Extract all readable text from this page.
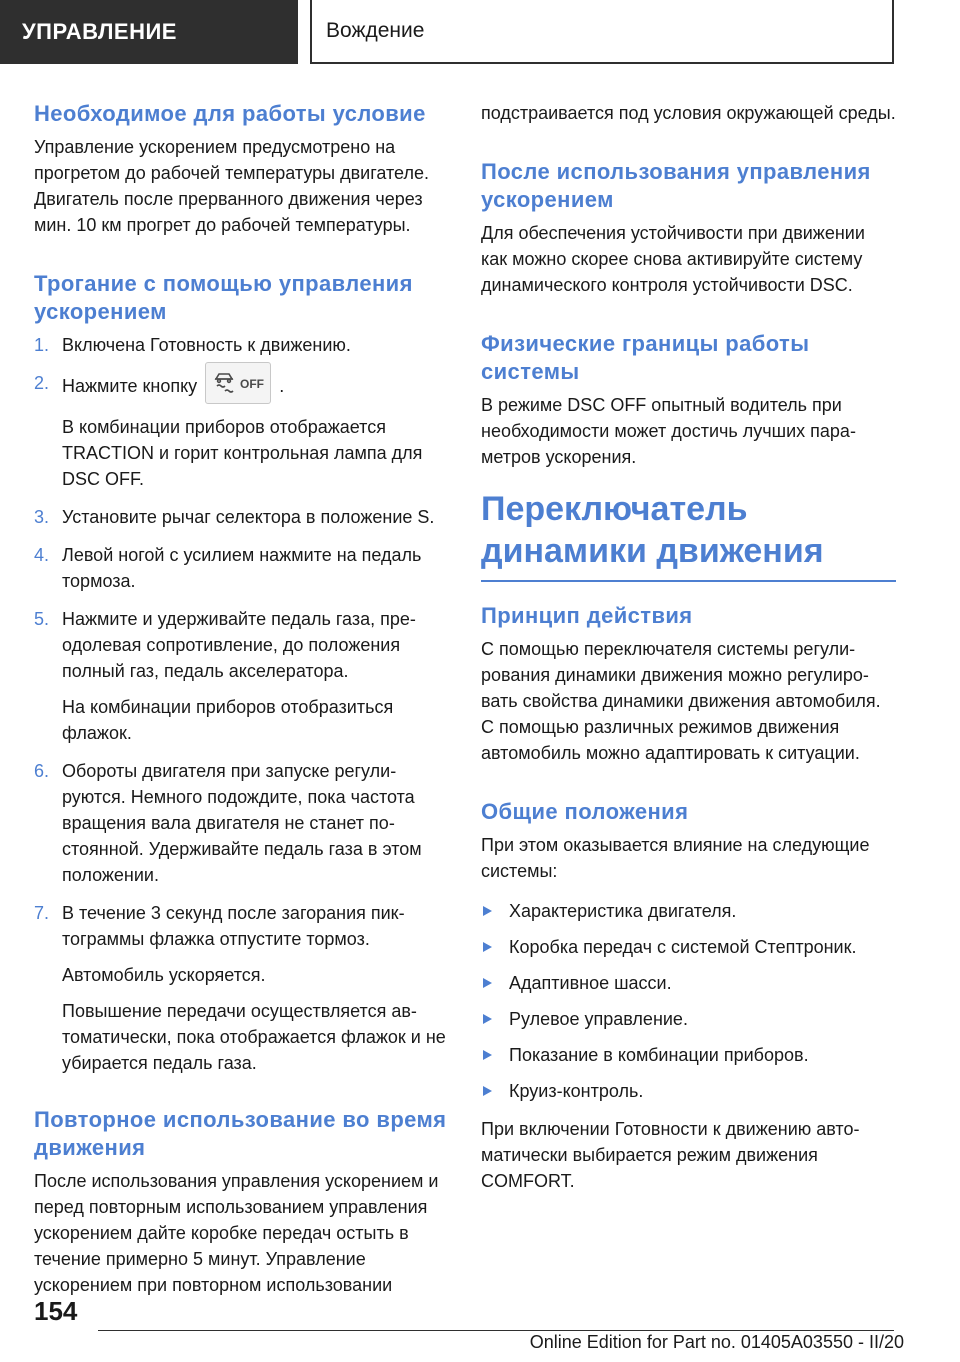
УПРАВЛЕНИЕ	Вождение
Необходимое для работы условие

Управление ускорением предусмотрено на прогретом до рабочей температуры двигателе. Двигатель после прерванного движения через мин. 10 км прогрет до рабочей температуры.

Трогание с помощью управления ускорением
1. Включена Готовность к движению.
2. Нажмите кнопку	OFF .
В комбинации приборов отображается TRACTION и горит контрольная лампа для DSC OFF.
3. Установите рычаг селектора в положение S.
4. Левой ногой с усилием нажмите на педаль тормоза.
5. Нажмите и удерживайте педаль газа, преодолевая сопротивление, до положения полный газ, педаль акселератора.
На комбинации приборов отобразиться флажок.
6. Обороты двигателя при запуске регулируются. Немного подождите, пока частота вращения вала двигателя не станет постоянной. Удерживайте педаль газа в этом положении.
7. В течение 3 секунд после загорания пиктограммы флажка отпустите тормоз.
Автомобиль ускоряется.
Повышение передачи осуществляется автоматически, пока отображается флажок и не убирается педаль газа.
Повторное использование во время движения

После использования управления ускорением и перед повторным использованием управления ускорением дайте коробке передач остыть в течение примерно 5 минут. Управление ускорением при повторном использовании

подстраивается под условия окружающей среды.

После использования управления ускорением

Для обеспечения устойчивости при движении как можно скорее снова активируйте систему динамического контроля устойчивости DSC.

Физические границы работы системы

В режиме DSC OFF опытный водитель при необходимости может достичь лучших параметров ускорения.

Переключатель динамики движения
Принцип действия

С помощью переключателя системы регулирования динамики движения можно регулировать свойства динамики движения автомобиля. С помощью различных режимов движения автомобиль можно адаптировать к ситуации.

Общие положения

При этом оказывается влияние на следующие системы:

Характеристика двигателя.
Коробка передач с системой Стептроник.
Адаптивное шасси.
Рулевое управление.
Показание в комбинации приборов.
Круиз-контроль.

При включении Готовности к движению автоматически выбирается режим движения COMFORT.

154
Online Edition for Part no. 01405A03550 - II/20
